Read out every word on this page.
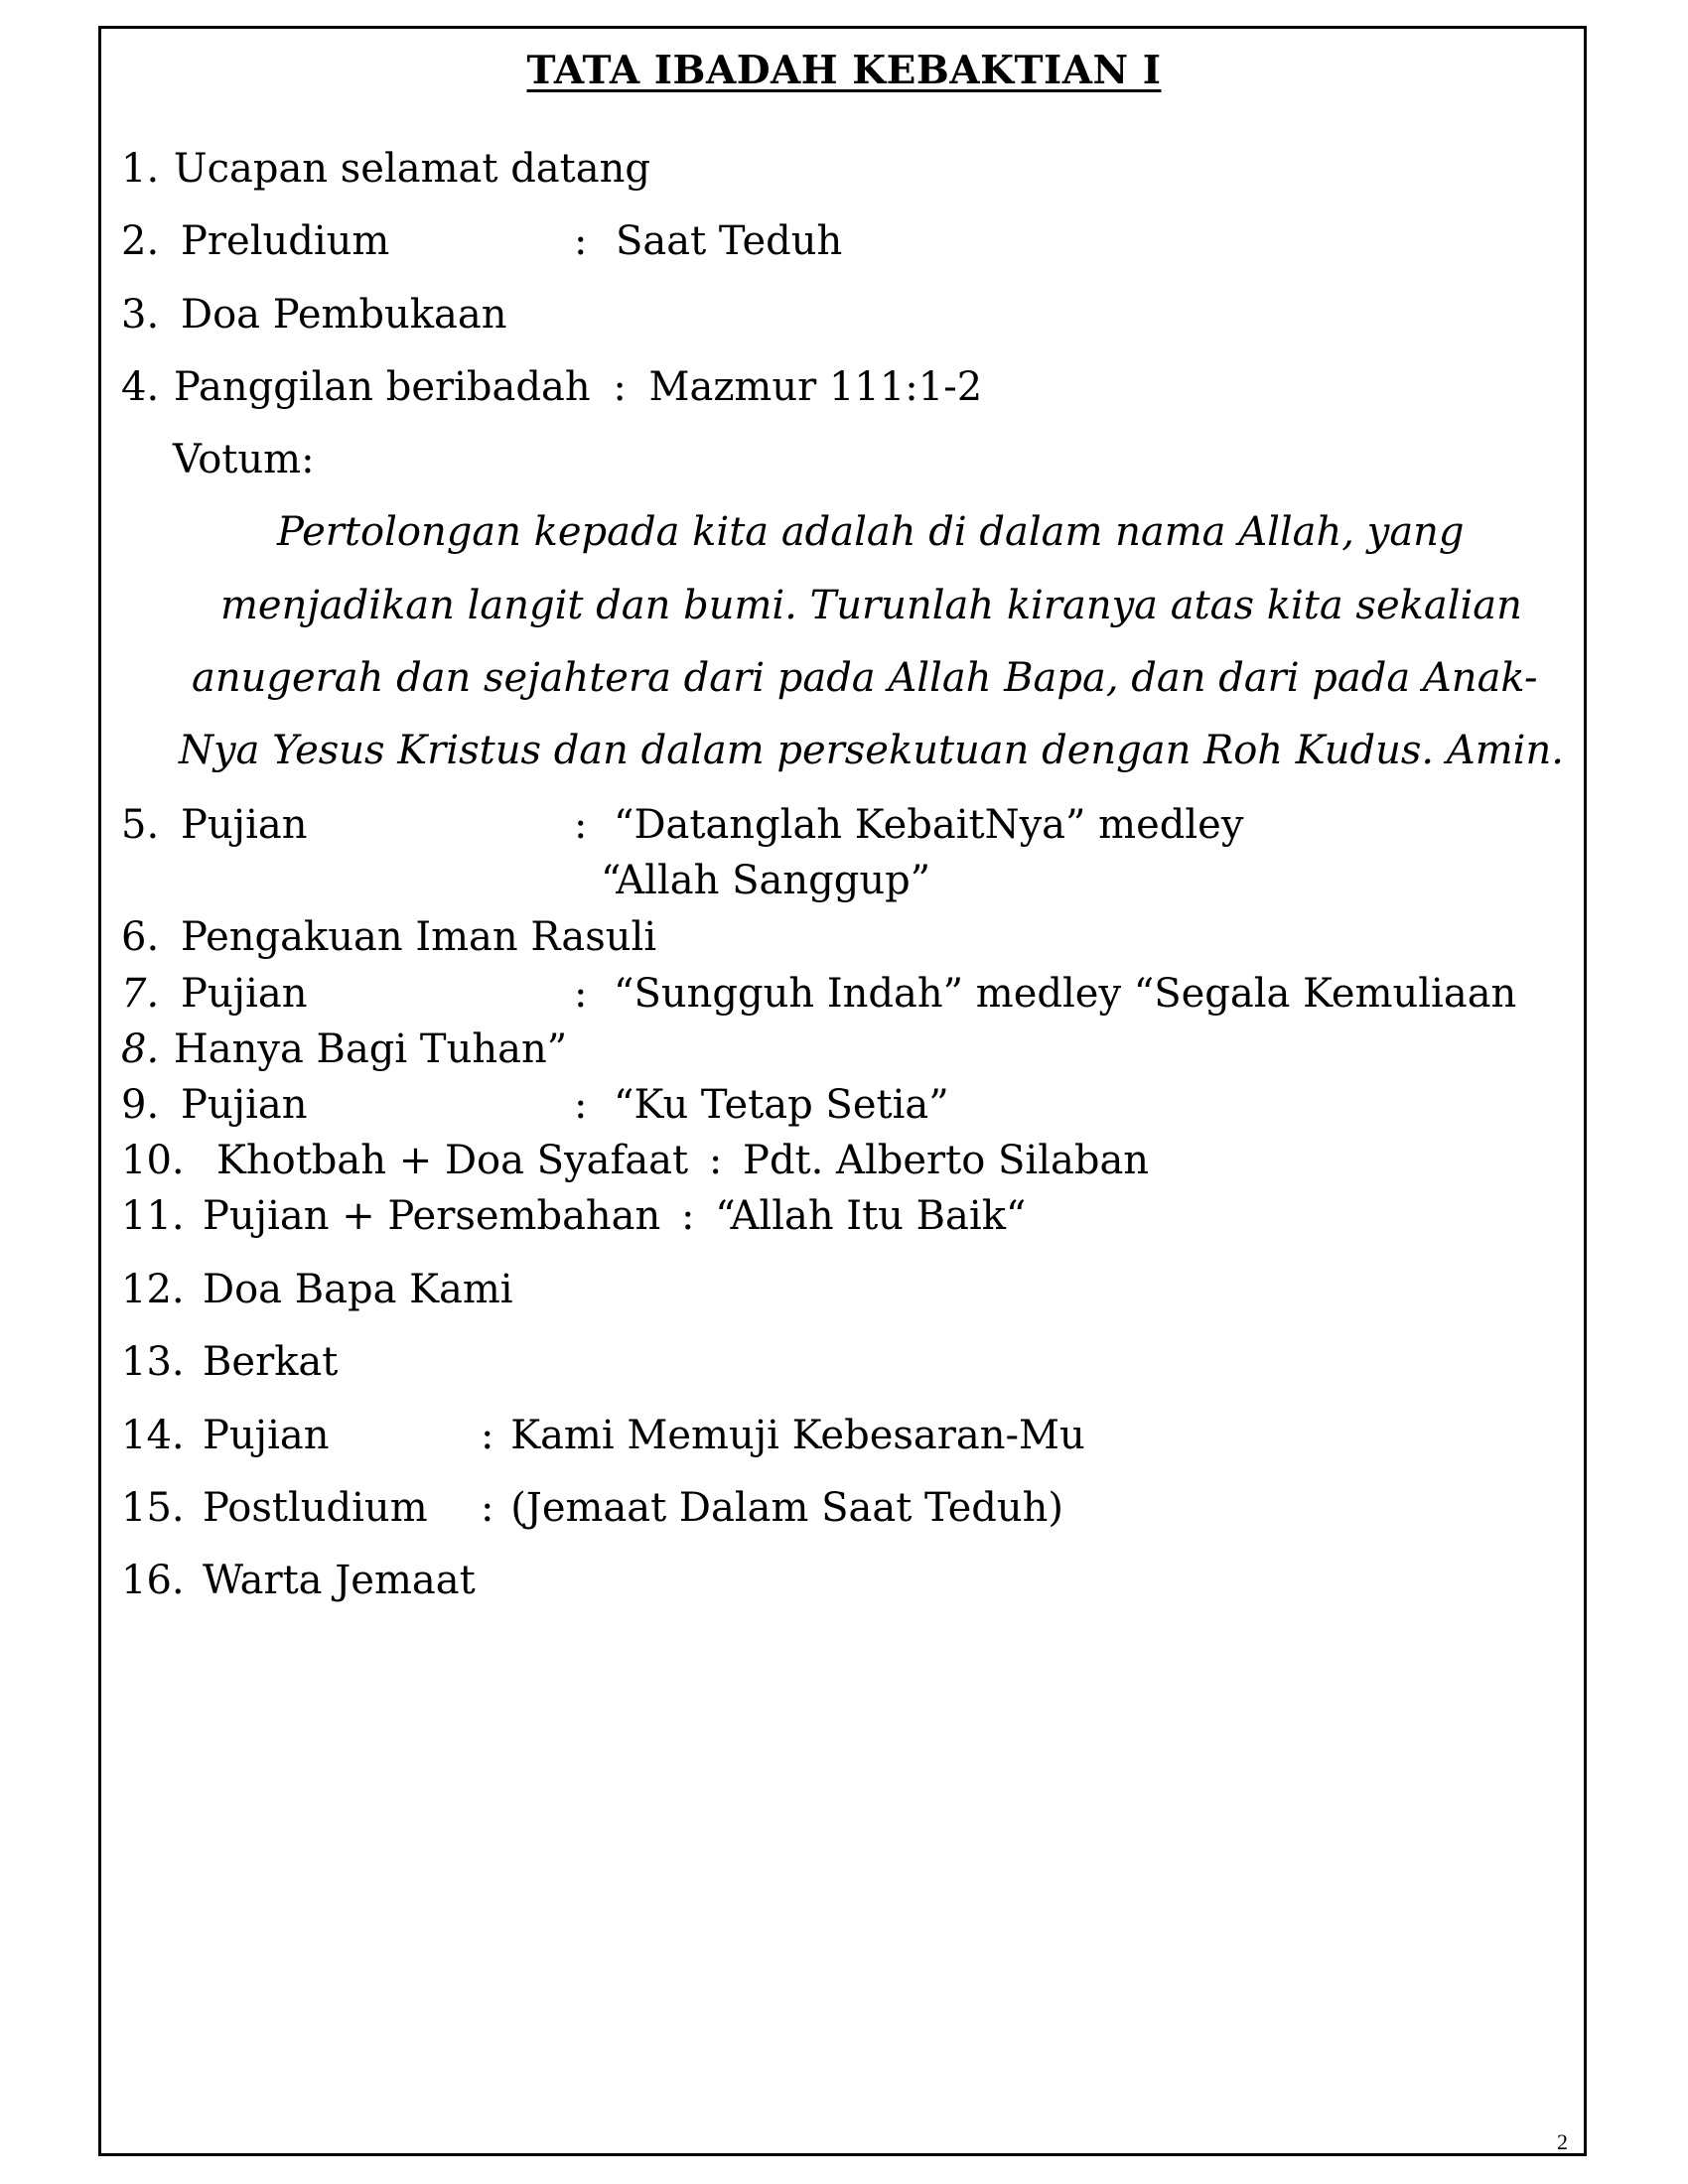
TATA IBADAH KEBAKTIAN I
1. Ucapan selamat datang
2. Preludium	: Saat Teduh
3. Doa Pembukaan
4. Panggilan beribadah : Mazmur 111:1-2
Votum:
Pertolongan kepada kita adalah di dalam nama Allah, yang
menjadikan langit dan bumi. Turunlah kiranya atas kita sekalian
anugerah dan sejahtera dari pada Allah Bapa, dan dari pada Anak-
Nya Yesus Kristus dan dalam persekutuan dengan Roh Kudus. Amin.
5. Pujian	: “Datanglah KebaitNya” medley
“Allah Sanggup”
6. Pengakuan Iman Rasuli
7. Pujian	: “Sungguh Indah” medley “Segala Kemuliaan
8. Hanya Bagi Tuhan”
9. Pujian	: “Ku Tetap Setia”
10. Khotbah + Doa Syafaat : Pdt. Alberto Silaban
11. Pujian + Persembahan : “Allah Itu Baik“
12. Doa Bapa Kami
13. Berkat
14. Pujian	: Kami Memuji Kebesaran-Mu
15. Postludium : (Jemaat Dalam Saat Teduh)
16. Warta Jemaat
2
